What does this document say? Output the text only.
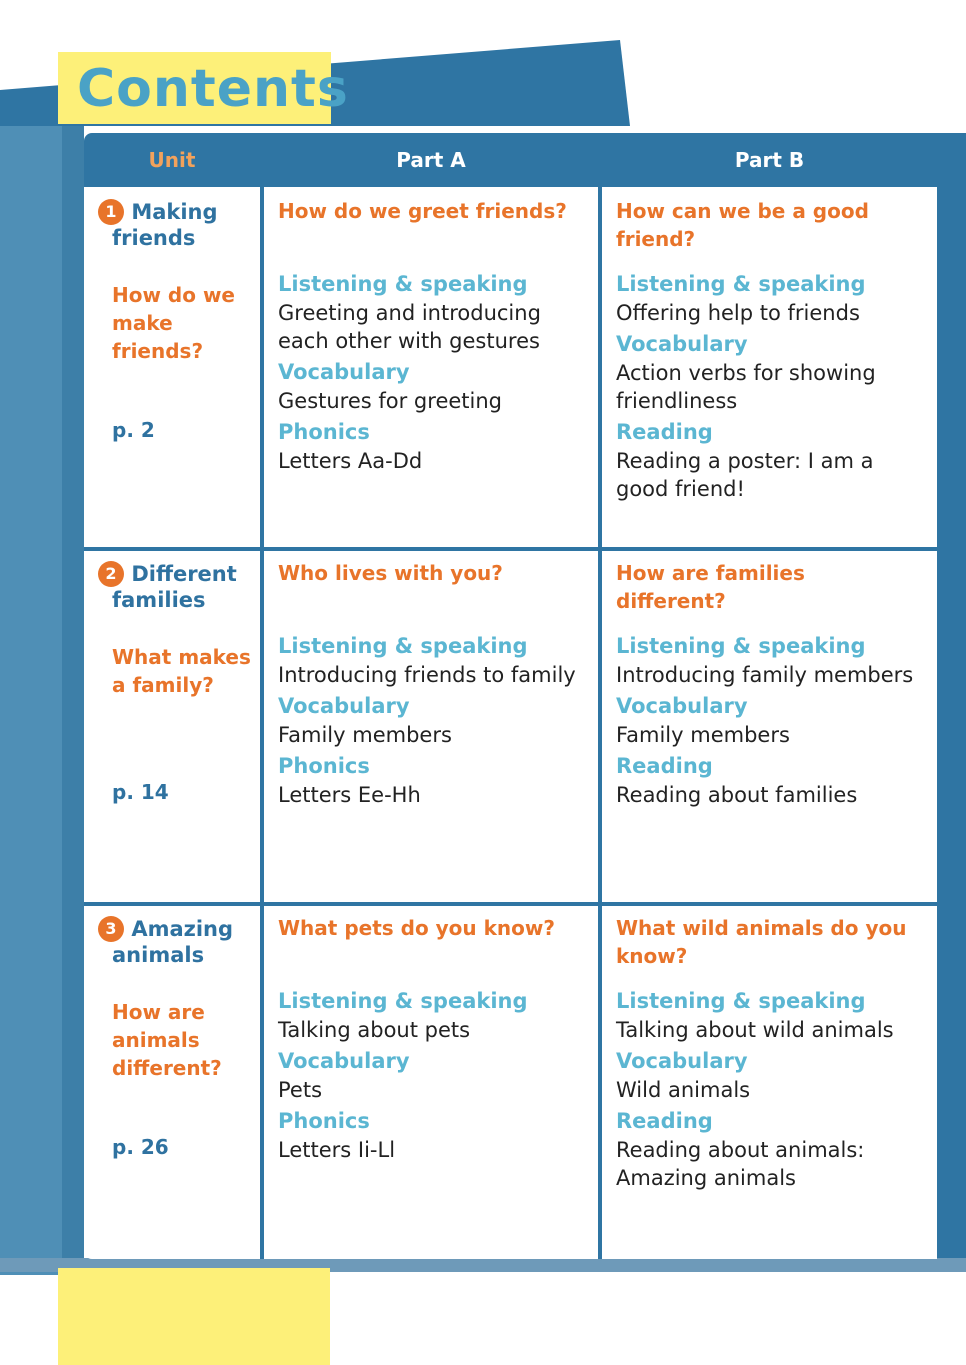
Contents
Unit	Part A	Part B
1 Making
friends
How do we make friends?
p. 2
How do we greet friends?
Listening & speaking
Greeting and introducing each other with gestures
Vocabulary
Gestures for greeting
Phonics
Letters Aa-Dd
How can we be a good friend?
Listening & speaking
Offering help to friends
Vocabulary
Action verbs for showing friendliness
Reading
Reading a poster: I am a good friend!
2 Different
families
What makes a family?
p. 14
Who lives with you?
Listening & speaking
Introducing friends to family
Vocabulary
Family members
Phonics
Letters Ee-Hh
How are families different?
Listening & speaking
Introducing family members
Vocabulary
Family members
Reading
Reading about families
3 Amazing
animals
How are animals different?
p. 26
What pets do you know?
Listening & speaking
Talking about pets
Vocabulary
Pets
Phonics
Letters Ii-Ll
What wild animals do you know?
Listening & speaking
Talking about wild animals
Vocabulary
Wild animals
Reading
Reading about animals: Amazing animals
